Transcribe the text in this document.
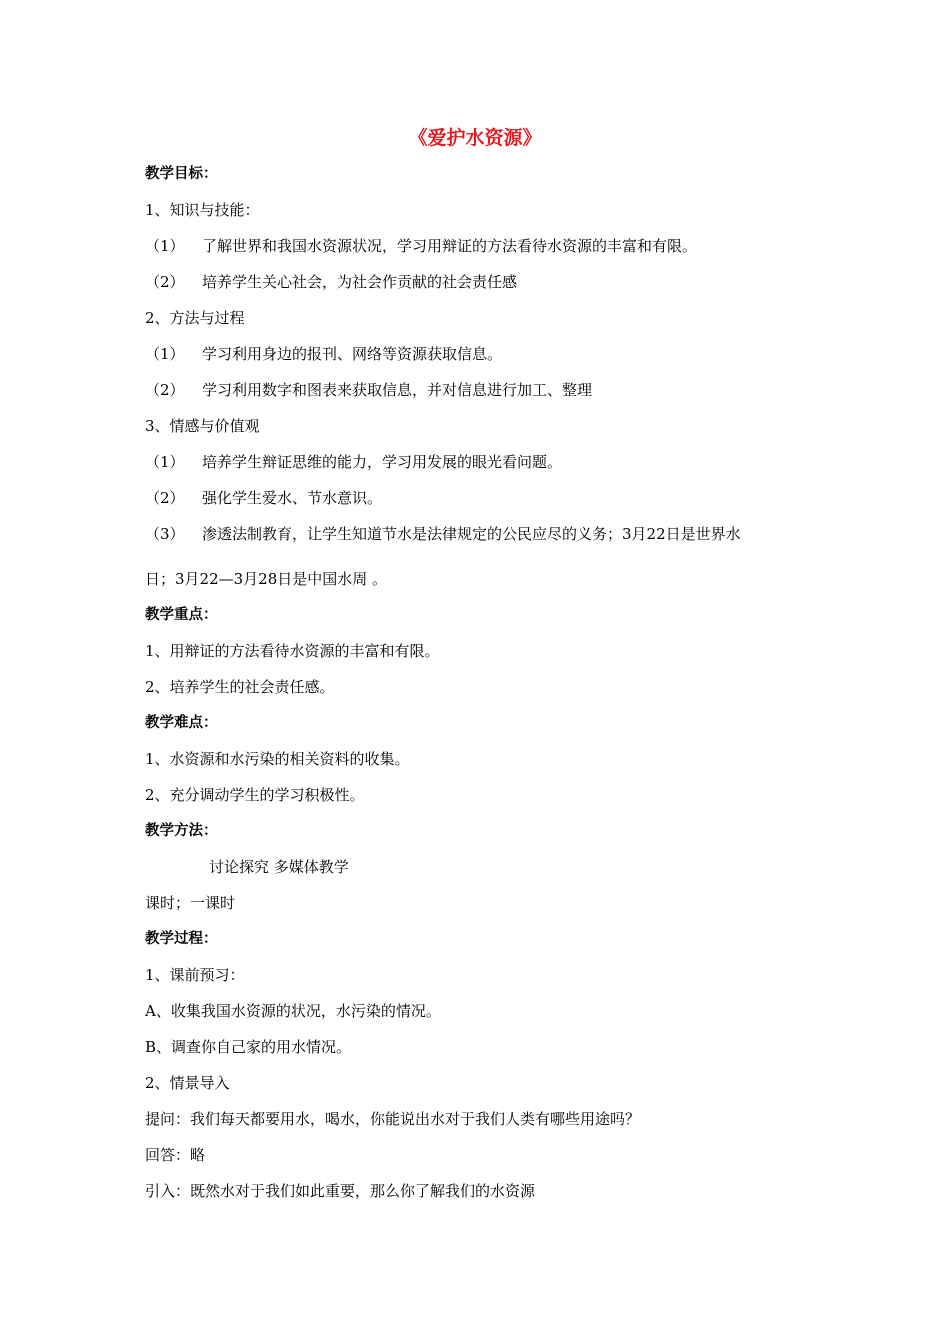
《爱护水资源》
教学目标：
1、知识与技能：
（1）	了解世界和我国水资源状况，学习用辩证的方法看待水资源的丰富和有限。
（2）	培养学生关心社会，为社会作贡献的社会责任感
2、方法与过程
（1）	学习利用身边的报刊、网络等资源获取信息。
（2）	学习利用数字和图表来获取信息，并对信息进行加工、整理
3、情感与价值观
（1）	培养学生辩证思维的能力，学习用发展的眼光看问题。
（2）	强化学生爱水、节水意识。
（3）	渗透法制教育，让学生知道节水是法律规定的公民应尽的义务；3月22日是世界水
日；3月22—3月28日是中国水周 。
教学重点：
1、用辩证的方法看待水资源的丰富和有限。
2、培养学生的社会责任感。
教学难点：
1、水资源和水污染的相关资料的收集。
2、充分调动学生的学习积极性。
教学方法：
讨论探究 多媒体教学
课时；一课时
教学过程：
1、课前预习：
A、收集我国水资源的状况，水污染的情况。
B、调查你自己家的用水情况。
2、情景导入
提问：我们每天都要用水，喝水，你能说出水对于我们人类有哪些用途吗？
回答：略
引入：既然水对于我们如此重要，那么你了解我们的水资源
